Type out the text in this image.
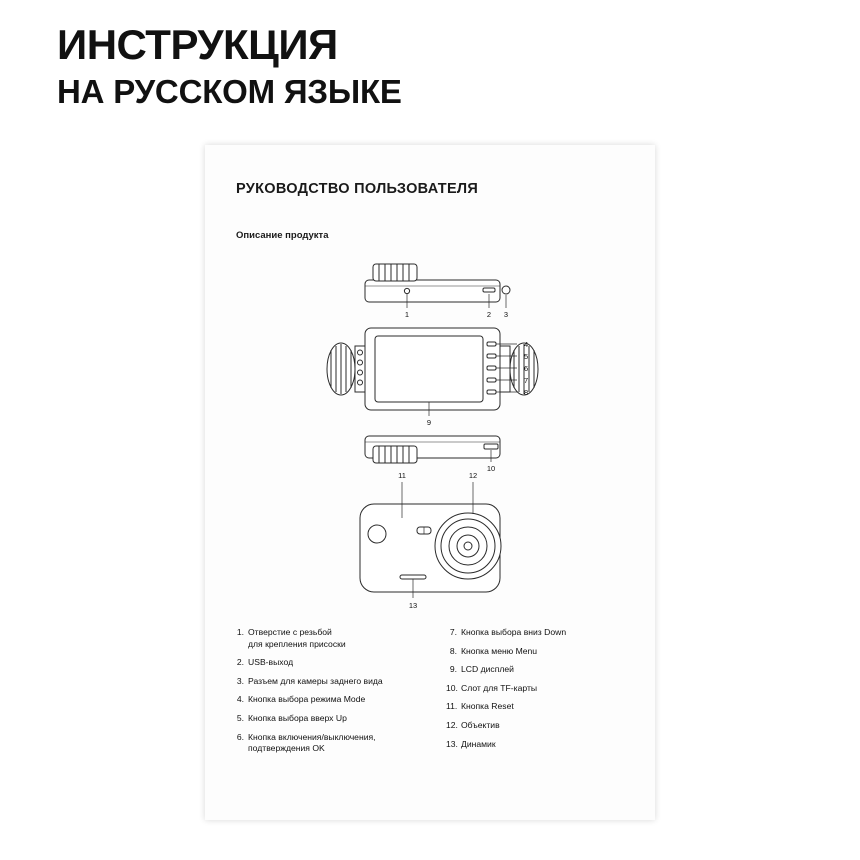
ИНСТРУКЦИЯ
НА РУССКОМ ЯЗЫКЕ
РУКОВОДСТВО ПОЛЬЗОВАТЕЛЯ
Описание продукта
1	2 3
4
5
6
7
8
9
10
11	12
13
1. Отверстие с резьбой
для крепления присоски
2. USB-выход
3. Разъем для камеры заднего вида
4. Кнопка выбора режима Mode
5. Кнопка выбора вверх Up
6. Кнопка включения/выключения,
подтверждения OK
7. Кнопка выбора вниз Down
8. Кнопка меню Menu
9. LCD дисплей
10. Слот для TF-карты
11. Кнопка Reset
12. Объектив
13. Динамик
